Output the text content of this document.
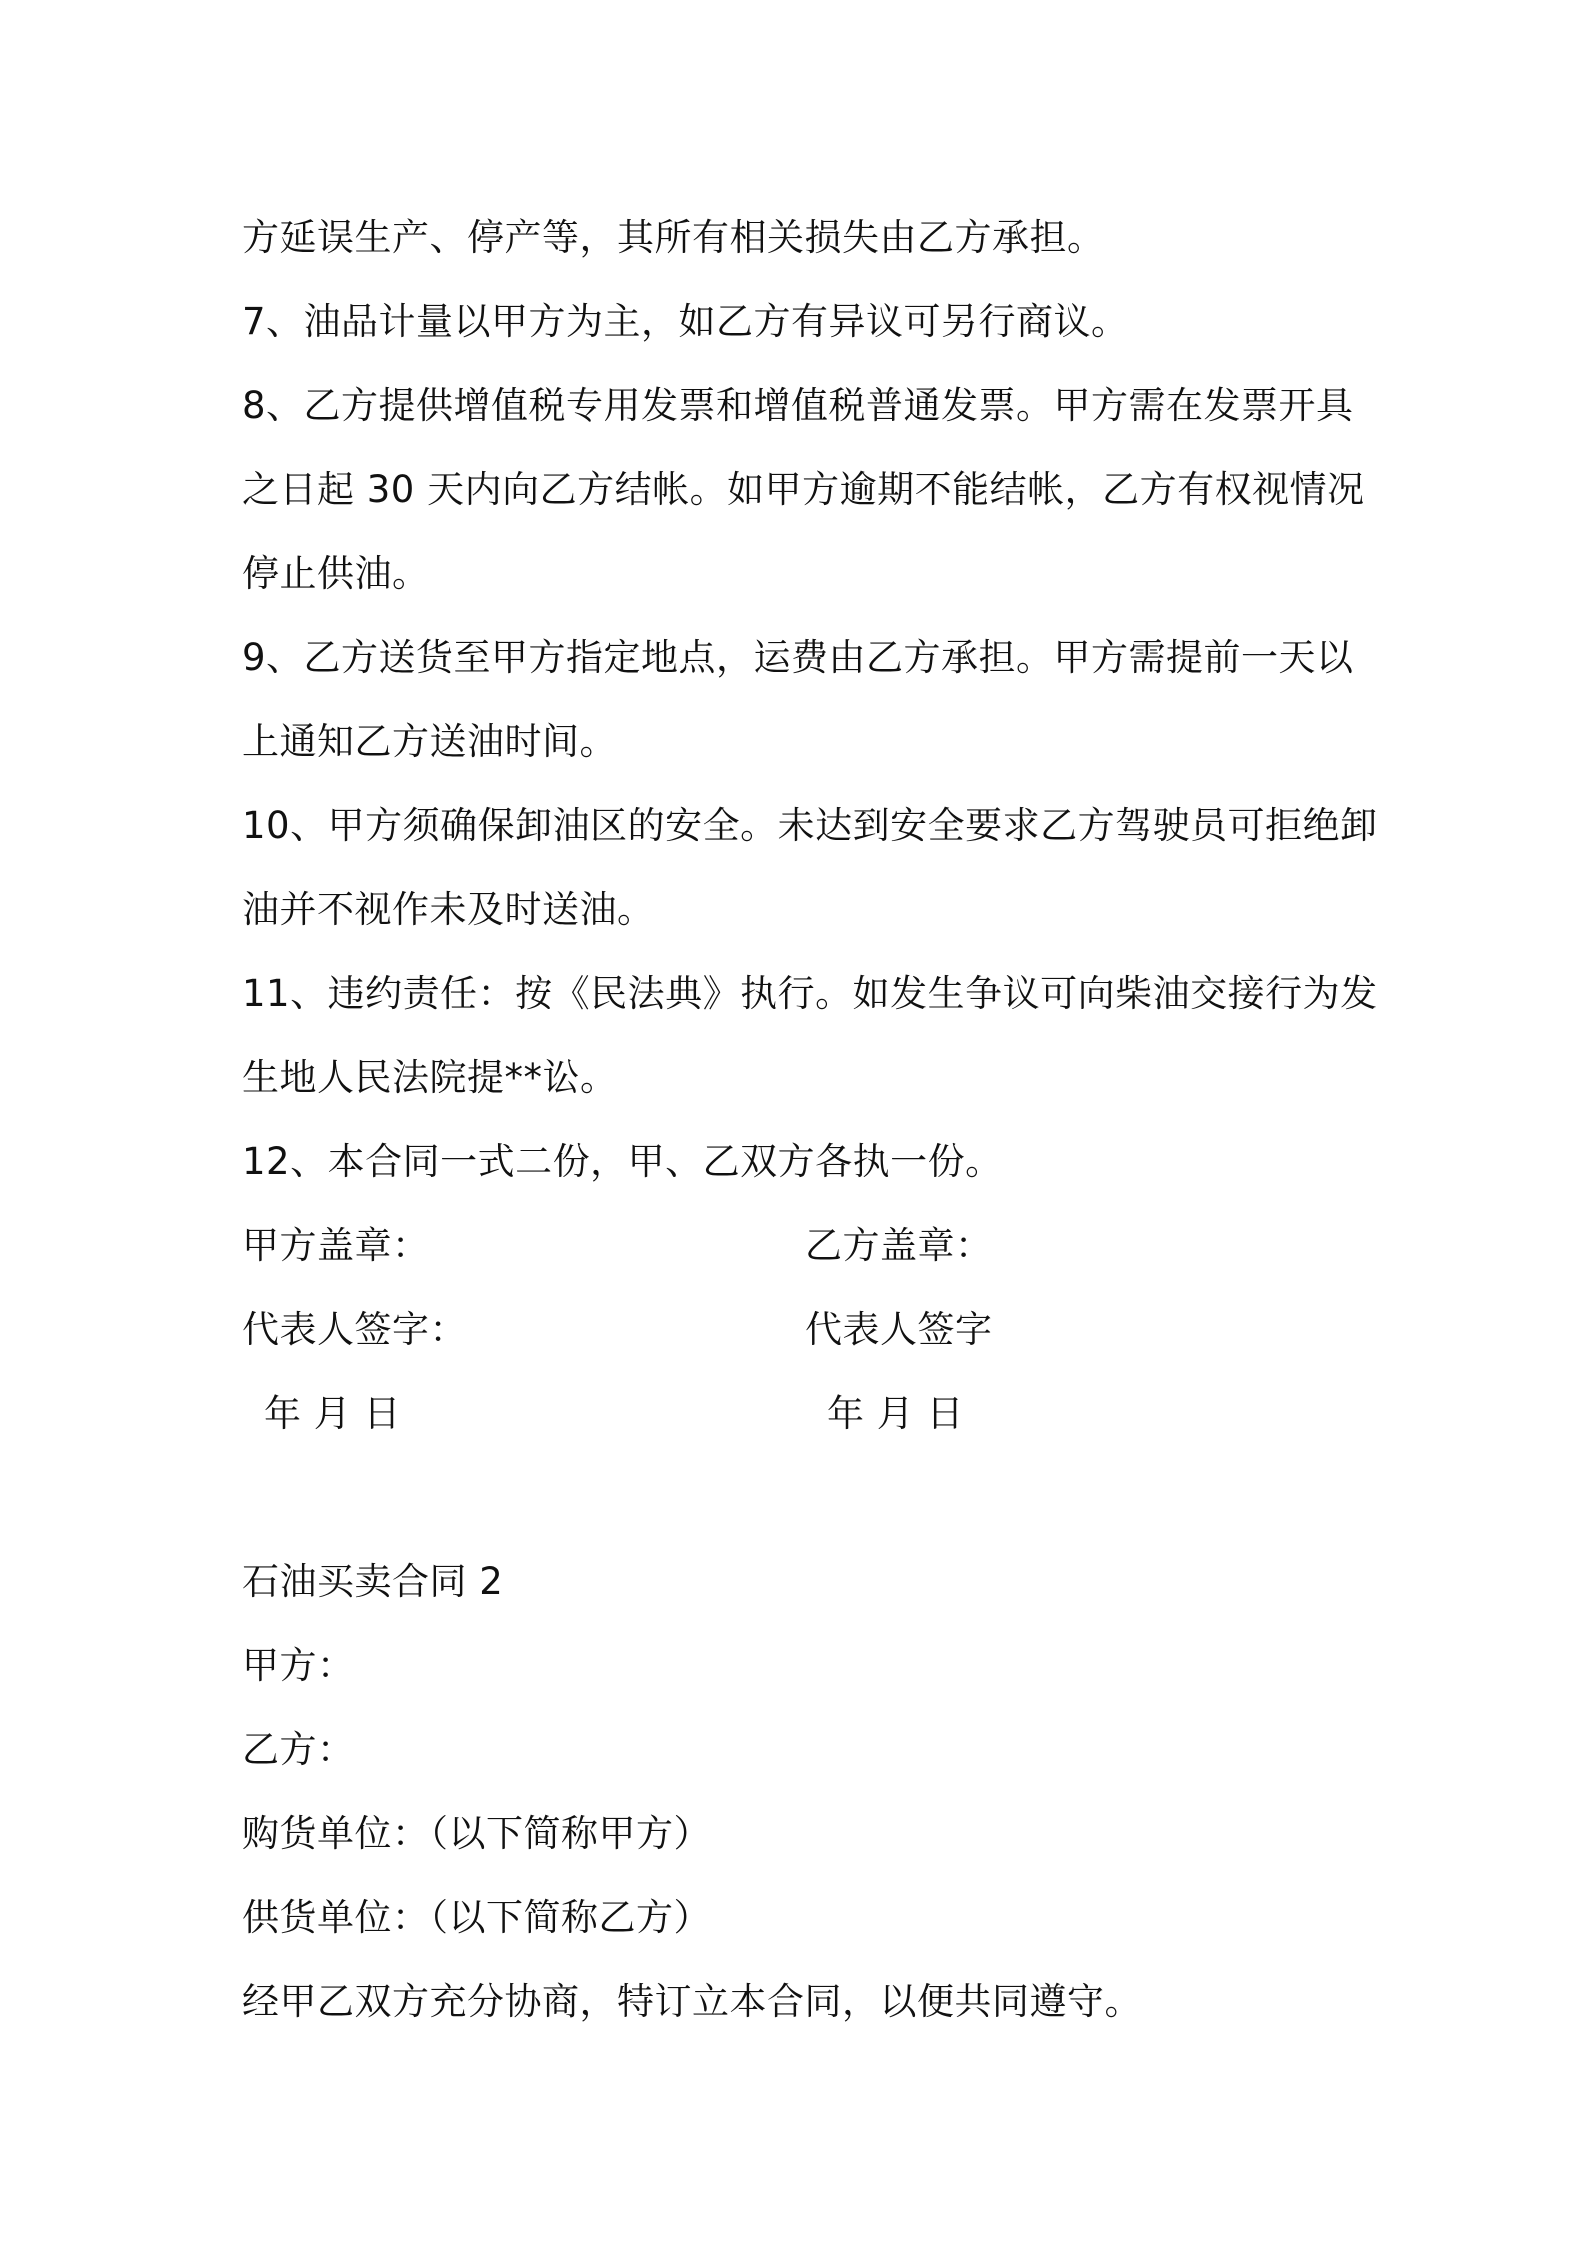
方延误生产、停产等，其所有相关损失由乙方承担。
7、油品计量以甲方为主，如乙方有异议可另行商议。
8、乙方提供增值税专用发票和增值税普通发票。甲方需在发票开具
之日起 30 天内向乙方结帐。如甲方逾期不能结帐，乙方有权视情况
停止供油。
9、乙方送货至甲方指定地点，运费由乙方承担。甲方需提前一天以
上通知乙方送油时间。
10、甲方须确保卸油区的安全。未达到安全要求乙方驾驶员可拒绝卸
油并不视作未及时送油。
11、违约责任：按《民法典》执行。如发生争议可向柴油交接行为发
生地人民法院提**讼。
12、本合同一式二份，甲、乙双方各执一份。
甲方盖章：	乙方盖章：
代表人签字：	代表人签字
年 月 日	年 月 日
石油买卖合同 2
甲方：
乙方：
购货单位：（以下简称甲方）
供货单位：（以下简称乙方）
经甲乙双方充分协商，特订立本合同，以便共同遵守。
